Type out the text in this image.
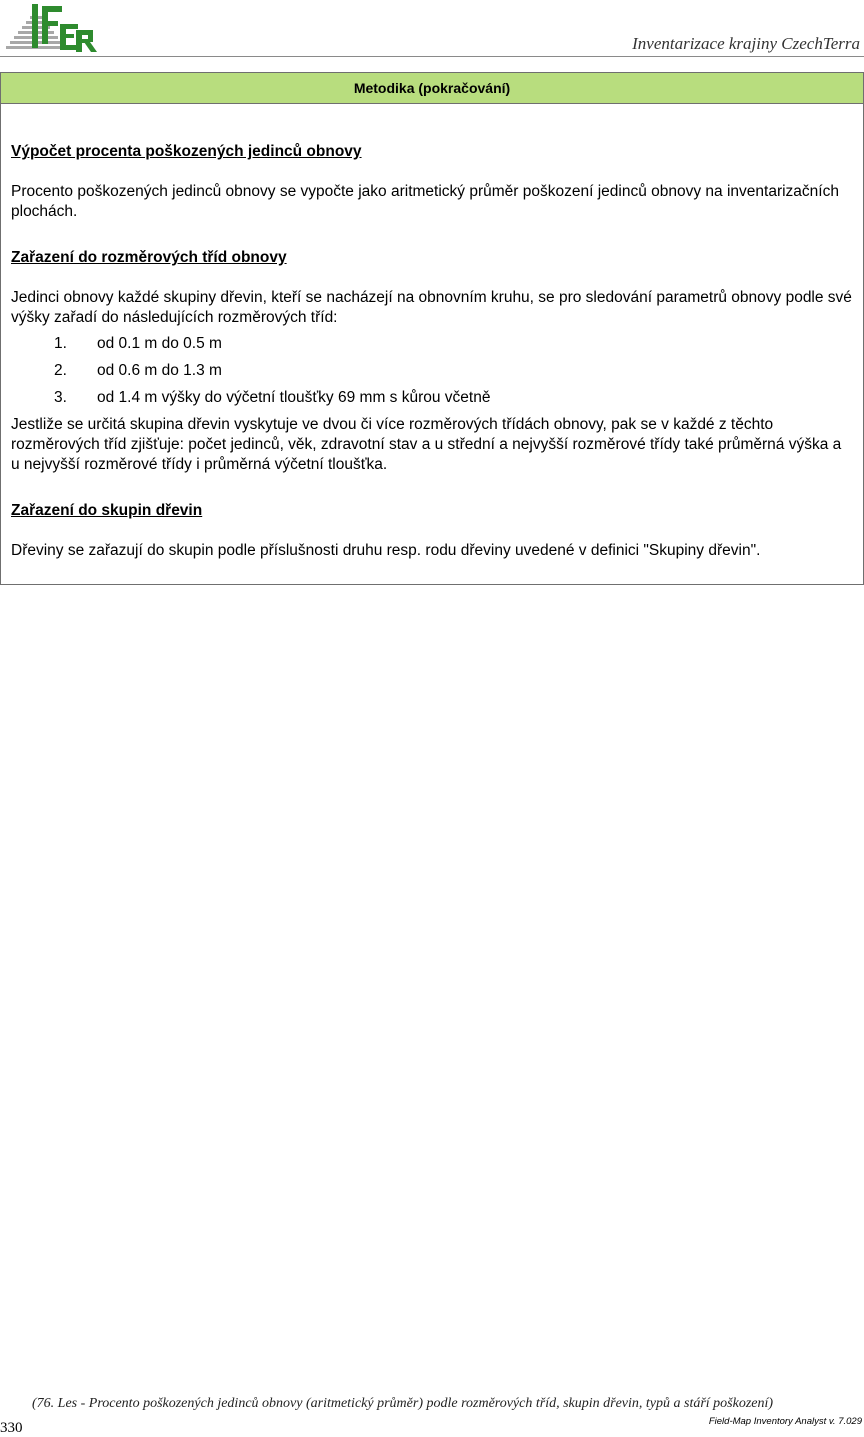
Inventarizace krajiny CzechTerra
Metodika (pokračování)

Výpočet procenta poškozených jedinců obnovy

Procento poškozených jedinců obnovy se vypočte jako aritmetický průměr poškození jedinců obnovy na inventarizačních plochách.

Zařazení do rozměrových tříd obnovy

Jedinci obnovy každé skupiny dřevin, kteří se nacházejí na obnovním kruhu, se pro sledování parametrů obnovy podle své výšky zařadí do následujících rozměrových tříd:

1. od 0.1 m do 0.5 m
2. od 0.6 m do 1.3 m
3. od 1.4 m výšky do výčetní tloušťky 69 mm s kůrou včetně

Jestliže se určitá skupina dřevin vyskytuje ve dvou či více rozměrových třídách obnovy, pak se v každé z těchto rozměrových tříd zjišťuje: počet jedinců, věk, zdravotní stav a u střední a nejvyšší rozměrové třídy také průměrná výška a u nejvyšší rozměrové třídy i průměrná výčetní tloušťka.

Zařazení do skupin dřevin

Dřeviny se zařazují do skupin podle příslušnosti druhu resp. rodu dřeviny uvedené v definici "Skupiny dřevin".

(76. Les - Procento poškozených jedinců obnovy (aritmetický průměr) podle rozměrových tříd, skupin dřevin, typů a stáří poškození)
330	Field-Map Inventory Analyst v. 7.029
